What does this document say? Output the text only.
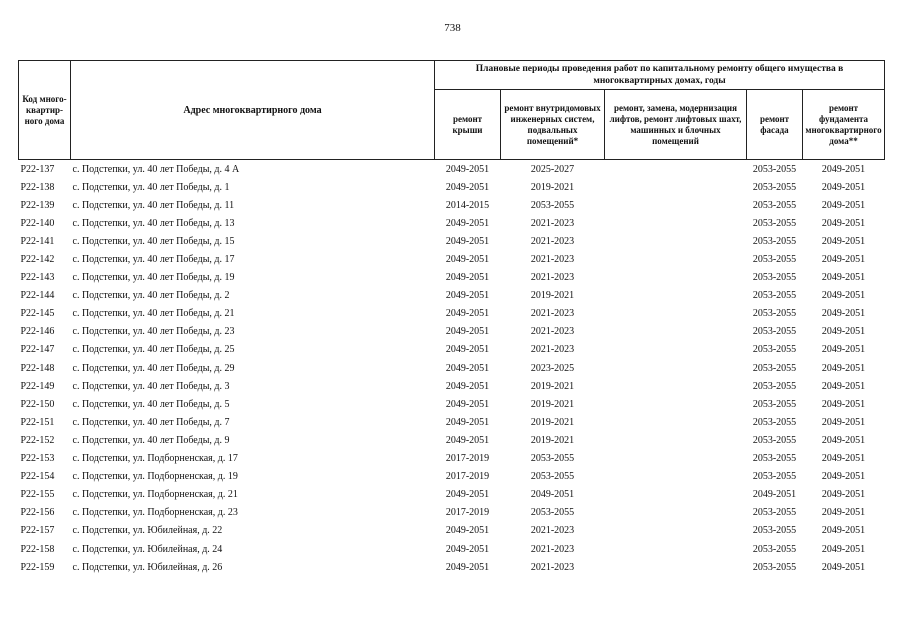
738
Код много-квартир-ного дома	Адрес многоквартирного дома	Плановые периоды проведения работ по капитальному ремонту общего имущества в многоквартирных домах, годы				
		ремонт крыши	ремонт внутридомовых инженерных систем, подвальных помещений*	ремонт, замена, модернизация лифтов, ремонт лифтовых шахт, машинных и блочных помещений	ремонт фасада	ремонт фундамента многоквартирного дома**
P22-137	с. Подстепки, ул. 40 лет Победы, д. 4 А	2049-2051	2025-2027		2053-2055	2049-2051
P22-138	с. Подстепки, ул. 40 лет Победы, д. 1	2049-2051	2019-2021		2053-2055	2049-2051
P22-139	с. Подстепки, ул. 40 лет Победы, д. 11	2014-2015	2053-2055		2053-2055	2049-2051
P22-140	с. Подстепки, ул. 40 лет Победы, д. 13	2049-2051	2021-2023		2053-2055	2049-2051
P22-141	с. Подстепки, ул. 40 лет Победы, д. 15	2049-2051	2021-2023		2053-2055	2049-2051
P22-142	с. Подстепки, ул. 40 лет Победы, д. 17	2049-2051	2021-2023		2053-2055	2049-2051
P22-143	с. Подстепки, ул. 40 лет Победы, д. 19	2049-2051	2021-2023		2053-2055	2049-2051
P22-144	с. Подстепки, ул. 40 лет Победы, д. 2	2049-2051	2019-2021		2053-2055	2049-2051
P22-145	с. Подстепки, ул. 40 лет Победы, д. 21	2049-2051	2021-2023		2053-2055	2049-2051
P22-146	с. Подстепки, ул. 40 лет Победы, д. 23	2049-2051	2021-2023		2053-2055	2049-2051
P22-147	с. Подстепки, ул. 40 лет Победы, д. 25	2049-2051	2021-2023		2053-2055	2049-2051
P22-148	с. Подстепки, ул. 40 лет Победы, д. 29	2049-2051	2023-2025		2053-2055	2049-2051
P22-149	с. Подстепки, ул. 40 лет Победы, д. 3	2049-2051	2019-2021		2053-2055	2049-2051
P22-150	с. Подстепки, ул. 40 лет Победы, д. 5	2049-2051	2019-2021		2053-2055	2049-2051
P22-151	с. Подстепки, ул. 40 лет Победы, д. 7	2049-2051	2019-2021		2053-2055	2049-2051
P22-152	с. Подстепки, ул. 40 лет Победы, д. 9	2049-2051	2019-2021		2053-2055	2049-2051
P22-153	с. Подстепки, ул. Подборненская, д. 17	2017-2019	2053-2055		2053-2055	2049-2051
P22-154	с. Подстепки, ул. Подборненская, д. 19	2017-2019	2053-2055		2053-2055	2049-2051
P22-155	с. Подстепки, ул. Подборненская, д. 21	2049-2051	2049-2051		2049-2051	2049-2051
P22-156	с. Подстепки, ул. Подборненская, д. 23	2017-2019	2053-2055		2053-2055	2049-2051
P22-157	с. Подстепки, ул. Юбилейная, д. 22	2049-2051	2021-2023		2053-2055	2049-2051
P22-158	с. Подстепки, ул. Юбилейная, д. 24	2049-2051	2021-2023		2053-2055	2049-2051
P22-159	с. Подстепки, ул. Юбилейная, д. 26	2049-2051	2021-2023		2053-2055	2049-2051
